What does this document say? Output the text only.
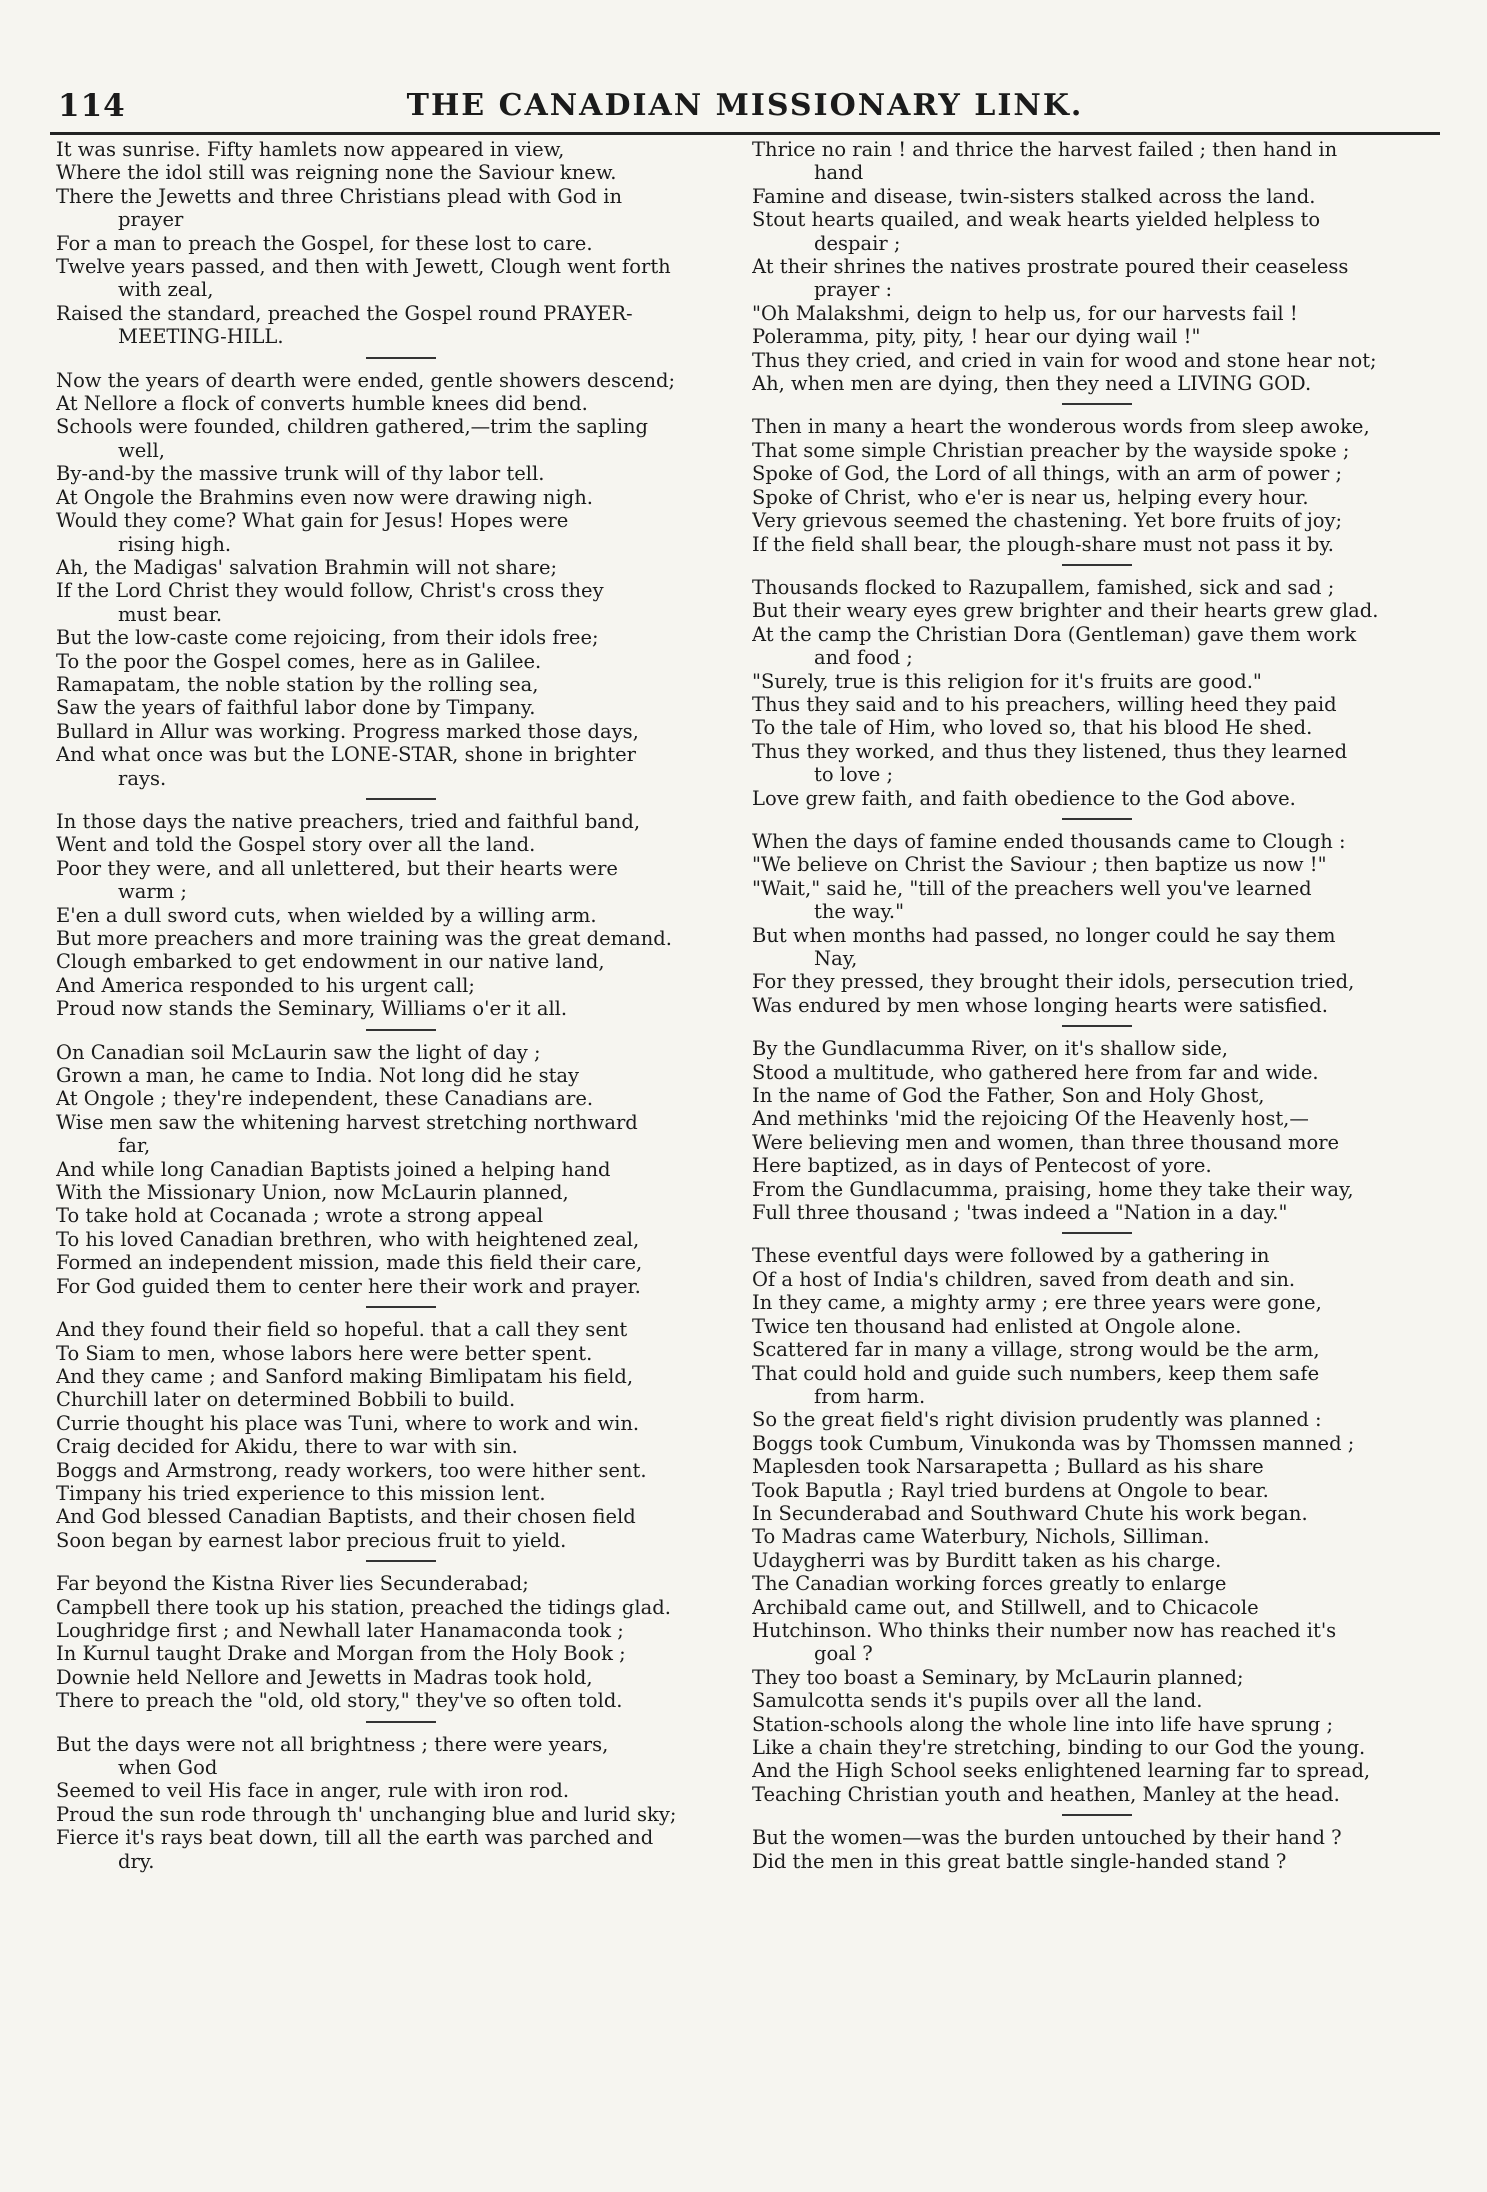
114	THE CANADIAN MISSIONARY LINK.
It was sunrise. Fifty hamlets now appeared in view,
Where the idol still was reigning none the Saviour knew.
There the Jewetts and three Christians plead with God in
prayer
For a man to preach the Gospel, for these lost to care.
Twelve years passed, and then with Jewett, Clough went forth
with zeal,
Raised the standard, preached the Gospel round PRAYER-
MEETING-HILL.
Now the years of dearth were ended, gentle showers descend;
At Nellore a flock of converts humble knees did bend.
Schools were founded, children gathered,—trim the sapling
well,
By-and-by the massive trunk will of thy labor tell.
At Ongole the Brahmins even now were drawing nigh.
Would they come? What gain for Jesus! Hopes were
rising high.
Ah, the Madigas' salvation Brahmin will not share;
If the Lord Christ they would follow, Christ's cross they
must bear.
But the low-caste come rejoicing, from their idols free;
To the poor the Gospel comes, here as in Galilee.
Ramapatam, the noble station by the rolling sea,
Saw the years of faithful labor done by Timpany.
Bullard in Allur was working. Progress marked those days,
And what once was but the LONE-STAR, shone in brighter
rays.
In those days the native preachers, tried and faithful band,
Went and told the Gospel story over all the land.
Poor they were, and all unlettered, but their hearts were
warm ;
E'en a dull sword cuts, when wielded by a willing arm.
But more preachers and more training was the great demand.
Clough embarked to get endowment in our native land,
And America responded to his urgent call;
Proud now stands the Seminary, Williams o'er it all.
On Canadian soil McLaurin saw the light of day ;
Grown a man, he came to India. Not long did he stay
At Ongole ; they're independent, these Canadians are.
Wise men saw the whitening harvest stretching northward
far,
And while long Canadian Baptists joined a helping hand
With the Missionary Union, now McLaurin planned,
To take hold at Cocanada ; wrote a strong appeal
To his loved Canadian brethren, who with heightened zeal,
Formed an independent mission, made this field their care,
For God guided them to center here their work and prayer.
And they found their field so hopeful. that a call they sent
To Siam to men, whose labors here were better spent.
And they came ; and Sanford making Bimlipatam his field,
Churchill later on determined Bobbili to build.
Currie thought his place was Tuni, where to work and win.
Craig decided for Akidu, there to war with sin.
Boggs and Armstrong, ready workers, too were hither sent.
Timpany his tried experience to this mission lent.
And God blessed Canadian Baptists, and their chosen field
Soon began by earnest labor precious fruit to yield.
Far beyond the Kistna River lies Secunderabad;
Campbell there took up his station, preached the tidings glad.
Loughridge first ; and Newhall later Hanamaconda took ;
In Kurnul taught Drake and Morgan from the Holy Book ;
Downie held Nellore and Jewetts in Madras took hold,
There to preach the "old, old story," they've so often told.
But the days were not all brightness ; there were years,
when God
Seemed to veil His face in anger, rule with iron rod.
Proud the sun rode through th' unchanging blue and lurid sky;
Fierce it's rays beat down, till all the earth was parched and
dry.
Thrice no rain ! and thrice the harvest failed ; then hand in
hand
Famine and disease, twin-sisters stalked across the land.
Stout hearts quailed, and weak hearts yielded helpless to
despair ;
At their shrines the natives prostrate poured their ceaseless
prayer :
"Oh Malakshmi, deign to help us, for our harvests fail !
Poleramma, pity, pity, ! hear our dying wail !"
Thus they cried, and cried in vain for wood and stone hear not;
Ah, when men are dying, then they need a LIVING GOD.
Then in many a heart the wonderous words from sleep awoke,
That some simple Christian preacher by the wayside spoke ;
Spoke of God, the Lord of all things, with an arm of power ;
Spoke of Christ, who e'er is near us, helping every hour.
Very grievous seemed the chastening. Yet bore fruits of joy;
If the field shall bear, the plough-share must not pass it by.
Thousands flocked to Razupallem, famished, sick and sad ;
But their weary eyes grew brighter and their hearts grew glad.
At the camp the Christian Dora (Gentleman) gave them work
and food ;
"Surely, true is this religion for it's fruits are good."
Thus they said and to his preachers, willing heed they paid
To the tale of Him, who loved so, that his blood He shed.
Thus they worked, and thus they listened, thus they learned
to love ;
Love grew faith, and faith obedience to the God above.
When the days of famine ended thousands came to Clough :
"We believe on Christ the Saviour ; then baptize us now !"
"Wait," said he, "till of the preachers well you've learned
the way."
But when months had passed, no longer could he say them
Nay,
For they pressed, they brought their idols, persecution tried,
Was endured by men whose longing hearts were satisfied.
By the Gundlacumma River, on it's shallow side,
Stood a multitude, who gathered here from far and wide.
In the name of God the Father, Son and Holy Ghost,
And methinks 'mid the rejoicing Of the Heavenly host,—
Were believing men and women, than three thousand more
Here baptized, as in days of Pentecost of yore.
From the Gundlacumma, praising, home they take their way,
Full three thousand ; 'twas indeed a "Nation in a day."
These eventful days were followed by a gathering in
Of a host of India's children, saved from death and sin.
In they came, a mighty army ; ere three years were gone,
Twice ten thousand had enlisted at Ongole alone.
Scattered far in many a village, strong would be the arm,
That could hold and guide such numbers, keep them safe
from harm.
So the great field's right division prudently was planned :
Boggs took Cumbum, Vinukonda was by Thomssen manned ;
Maplesden took Narsarapetta ; Bullard as his share
Took Baputla ; Rayl tried burdens at Ongole to bear.
In Secunderabad and Southward Chute his work began.
To Madras came Waterbury, Nichols, Silliman.
Udaygherri was by Burditt taken as his charge.
The Canadian working forces greatly to enlarge
Archibald came out, and Stillwell, and to Chicacole
Hutchinson. Who thinks their number now has reached it's
goal ?
They too boast a Seminary, by McLaurin planned;
Samulcotta sends it's pupils over all the land.
Station-schools along the whole line into life have sprung ;
Like a chain they're stretching, binding to our God the young.
And the High School seeks enlightened learning far to spread,
Teaching Christian youth and heathen, Manley at the head.
But the women—was the burden untouched by their hand ?
Did the men in this great battle single-handed stand ?
